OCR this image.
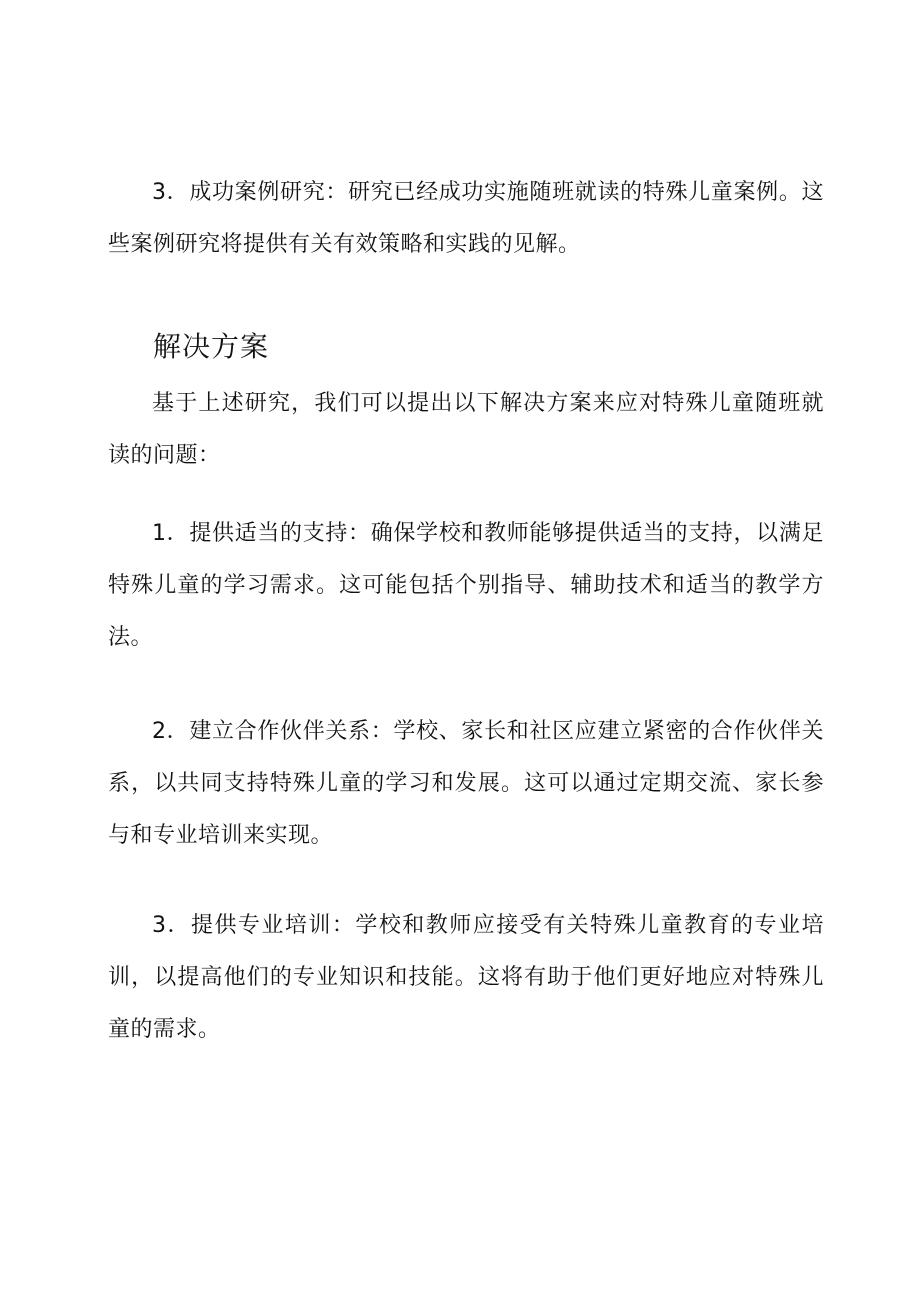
3．成功案例研究：研究已经成功实施随班就读的特殊儿童案例。这些案例研究将提供有关有效策略和实践的见解。

解决方案

基于上述研究，我们可以提出以下解决方案来应对特殊儿童随班就读的问题：

1．提供适当的支持：确保学校和教师能够提供适当的支持，以满足特殊儿童的学习需求。这可能包括个别指导、辅助技术和适当的教学方法。

2．建立合作伙伴关系：学校、家长和社区应建立紧密的合作伙伴关系，以共同支持特殊儿童的学习和发展。这可以通过定期交流、家长参与和专业培训来实现。

3．提供专业培训：学校和教师应接受有关特殊儿童教育的专业培训，以提高他们的专业知识和技能。这将有助于他们更好地应对特殊儿童的需求。
